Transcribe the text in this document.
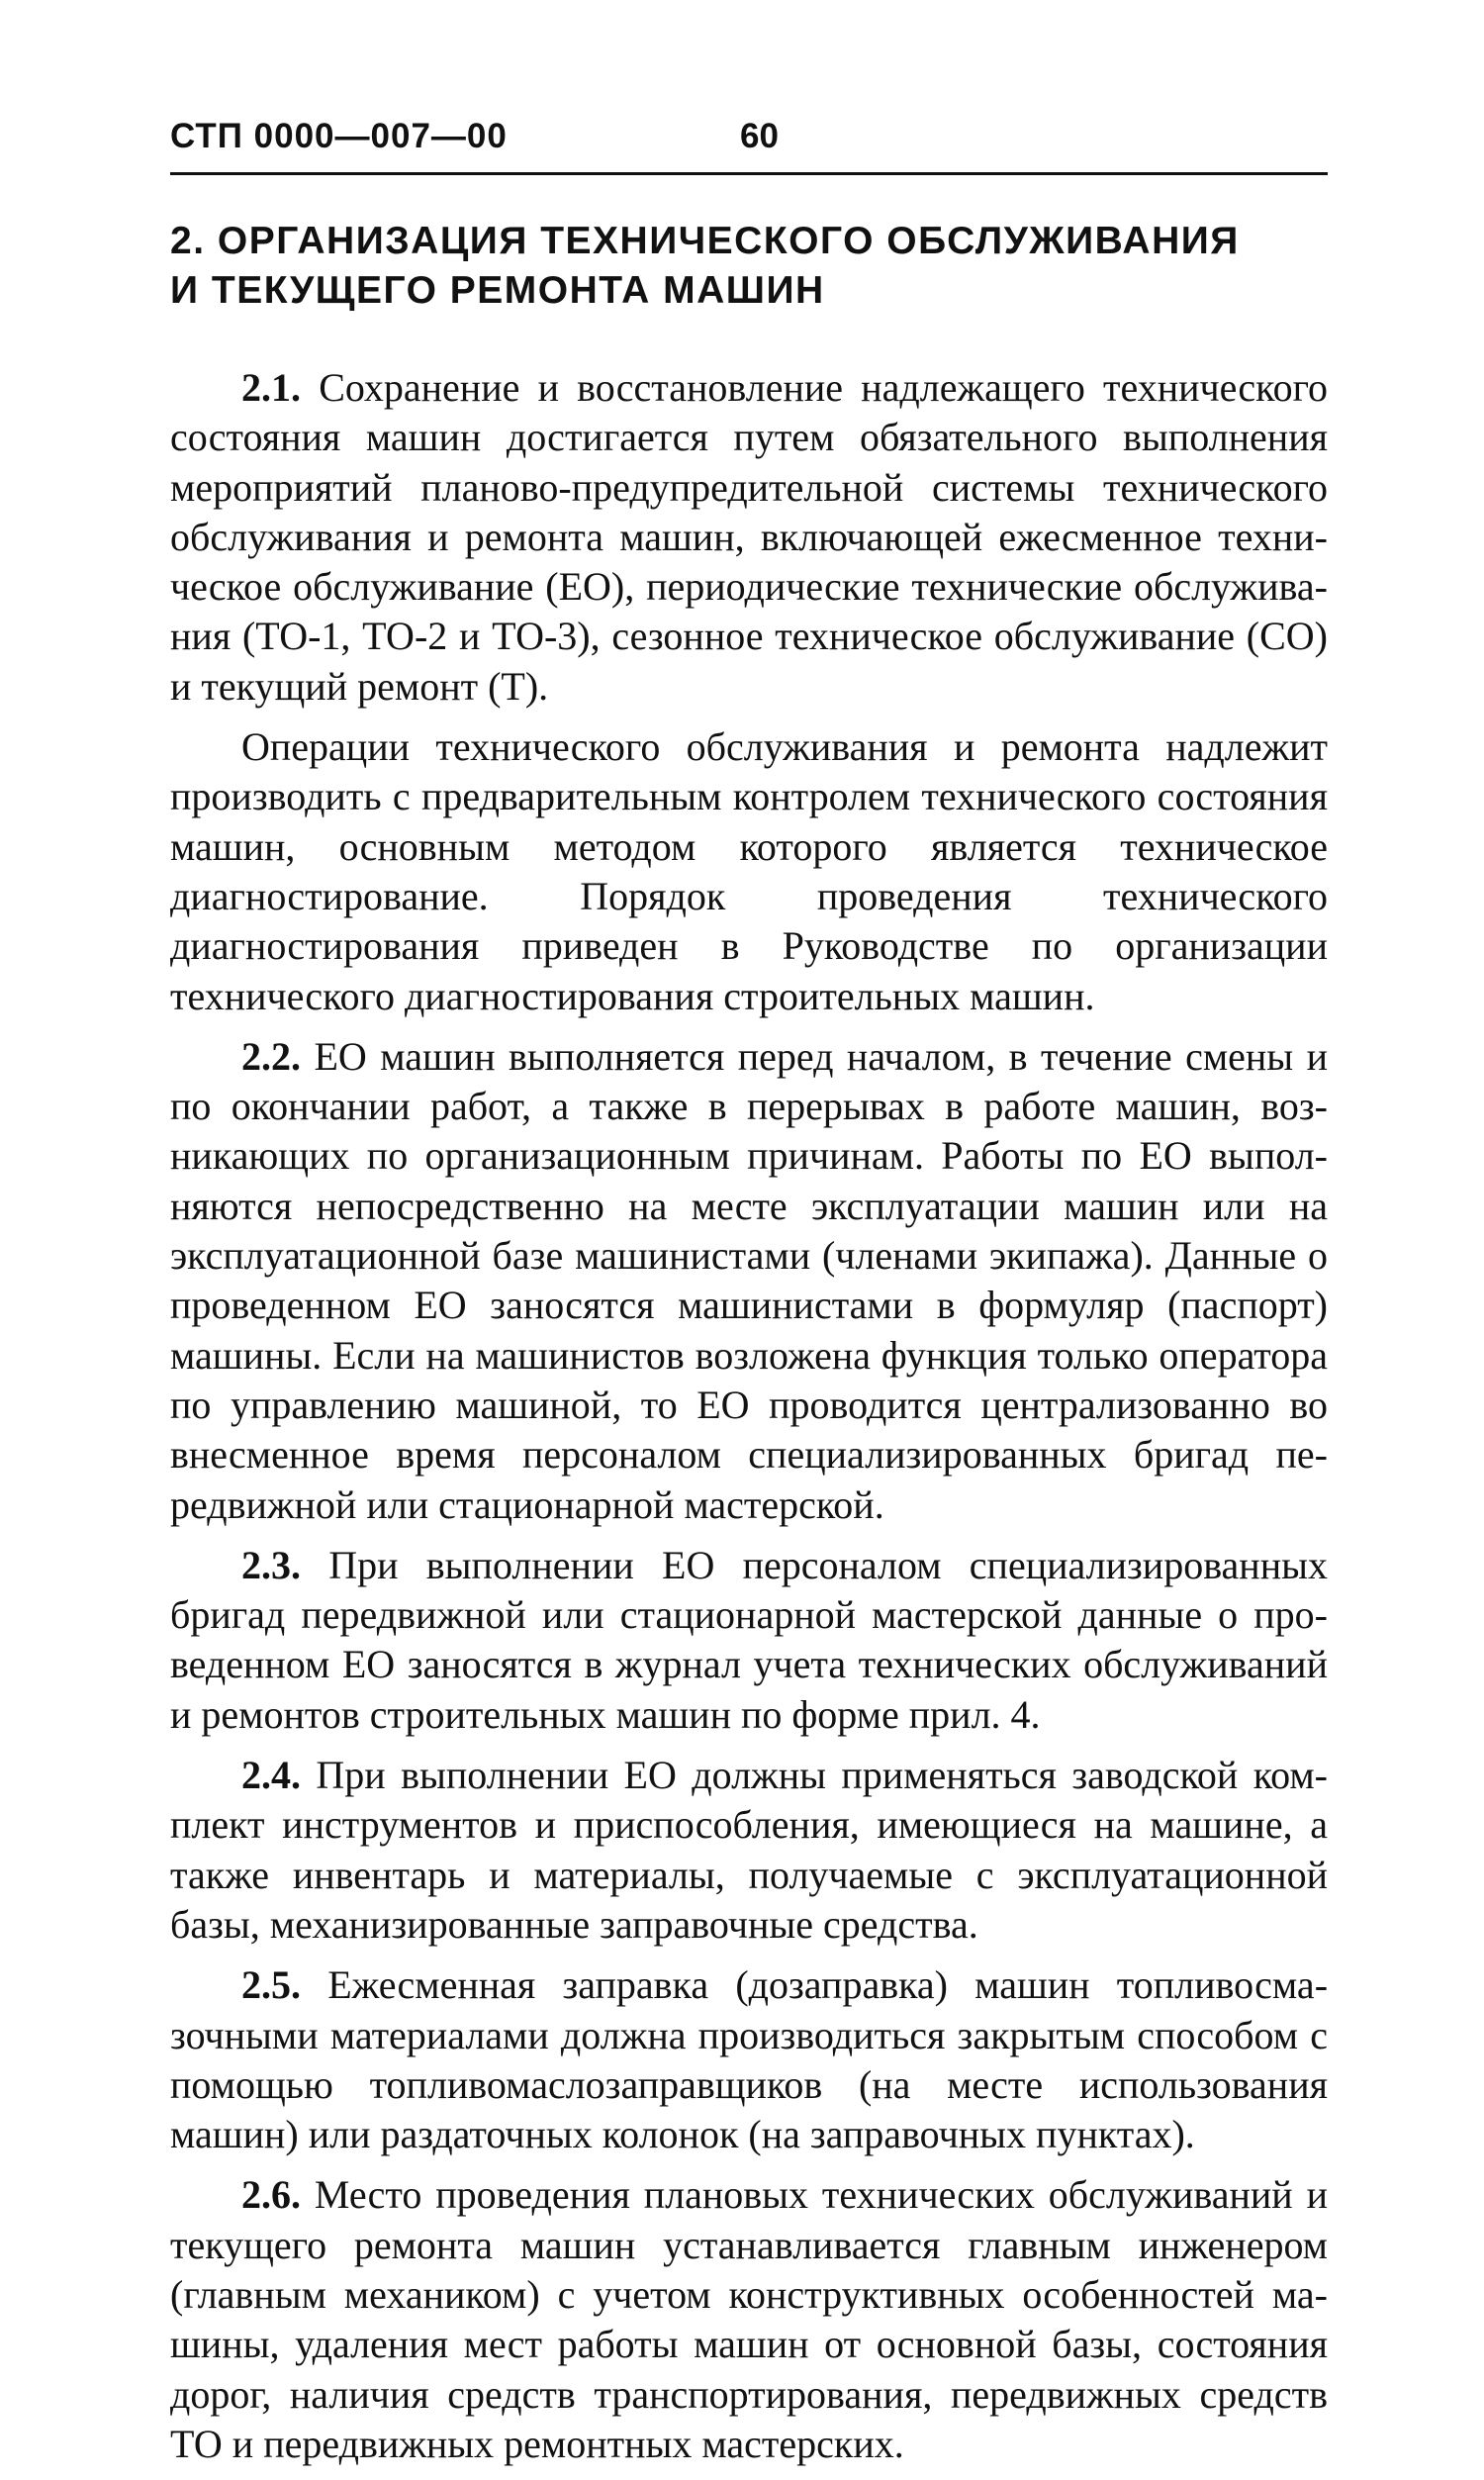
СТП 0000—007—00	60
2. ОРГАНИЗАЦИЯ ТЕХНИЧЕСКОГО ОБСЛУЖИВАНИЯ
И ТЕКУЩЕГО РЕМОНТА МАШИН

2.1. Сохранение и восстановление надлежащего технического состояния машин достигается путем обязательного выполнения мероприятий планово-предупредительной системы технического обслуживания и ремонта машин, включающей ежесменное техническое обслуживание (ЕО), периодические технические обслуживания (ТО-1, ТО-2 и ТО-3), сезонное техническое обслуживание (СО) и текущий ремонт (Т).

Операции технического обслуживания и ремонта надлежит производить с предварительным контролем технического состояния машин, основным методом которого является техническое диагностирование. Порядок проведения технического диагностирования приведен в Руководстве по организации технического диагностирования строительных машин.

2.2. ЕО машин выполняется перед началом, в течение смены и по окончании работ, а также в перерывах в работе машин, возникающих по организационным причинам. Работы по ЕО выполняются непосредственно на месте эксплуатации машин или на эксплуатационной базе машинистами (членами экипажа). Данные о проведенном ЕО заносятся машинистами в формуляр (паспорт) машины. Если на машинистов возложена функция только оператора по управлению машиной, то ЕО проводится централизованно во внесменное время персоналом специализированных бригад передвижной или стационарной мастерской.

2.3. При выполнении ЕО персоналом специализированных бригад передвижной или стационарной мастерской данные о проведенном ЕО заносятся в журнал учета технических обслуживаний и ремонтов строительных машин по форме прил. 4.

2.4. При выполнении ЕО должны применяться заводской комплект инструментов и приспособления, имеющиеся на машине, а также инвентарь и материалы, получаемые с эксплуатационной базы, механизированные заправочные средства.

2.5. Ежесменная заправка (дозаправка) машин топливосмазочными материалами должна производиться закрытым способом с помощью топливомаслозаправщиков (на месте использования машин) или раздаточных колонок (на заправочных пунктах).

2.6. Место проведения плановых технических обслуживаний и текущего ремонта машин устанавливается главным инженером (главным механиком) с учетом конструктивных особенностей машины, удаления мест работы машин от основной базы, состояния дорог, наличия средств транспортирования, передвижных средств ТО и передвижных ремонтных мастерских.
